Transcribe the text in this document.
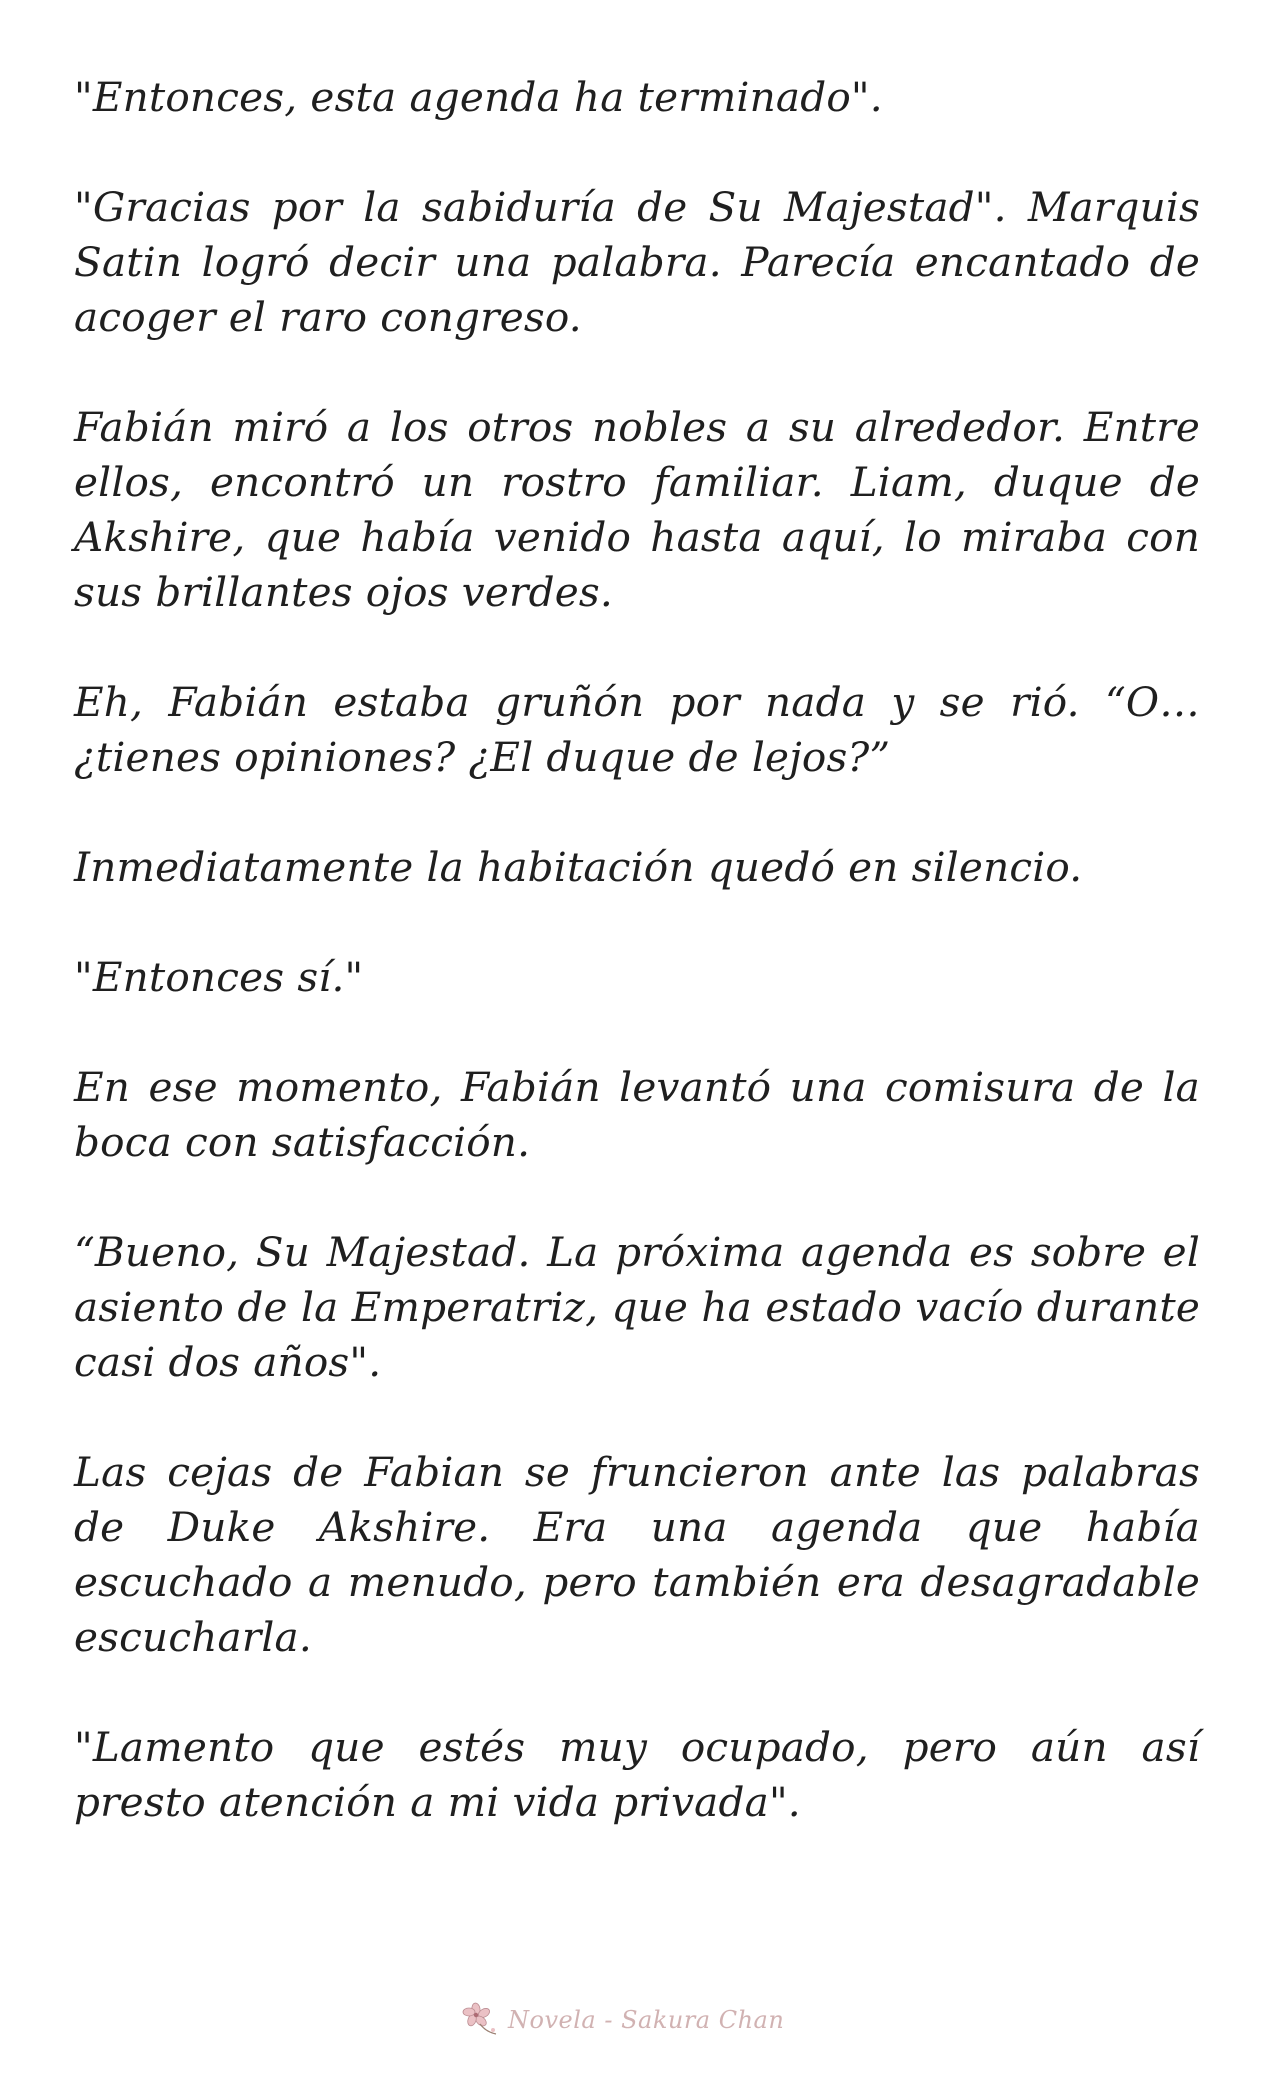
"Entonces, esta agenda ha terminado".

"Gracias por la sabiduría de Su Majestad". Marquis Satin logró decir una palabra. Parecía encantado de acoger el raro congreso.

Fabián miró a los otros nobles a su alrededor. Entre ellos, encontró un rostro familiar. Liam, duque de Akshire, que había venido hasta aquí, lo miraba con sus brillantes ojos verdes.

Eh, Fabián estaba gruñón por nada y se rió. “O… ¿tienes opiniones? ¿El duque de lejos?”

Inmediatamente la habitación quedó en silencio.

"Entonces sí."

En ese momento, Fabián levantó una comisura de la boca con satisfacción.

“Bueno, Su Majestad. La próxima agenda es sobre el asiento de la Emperatriz, que ha estado vacío durante casi dos años".

Las cejas de Fabian se fruncieron ante las palabras de Duke Akshire. Era una agenda que había escuchado a menudo, pero también era desagradable escucharla.

"Lamento que estés muy ocupado, pero aún así presto atención a mi vida privada".

Novela - Sakura Chan
